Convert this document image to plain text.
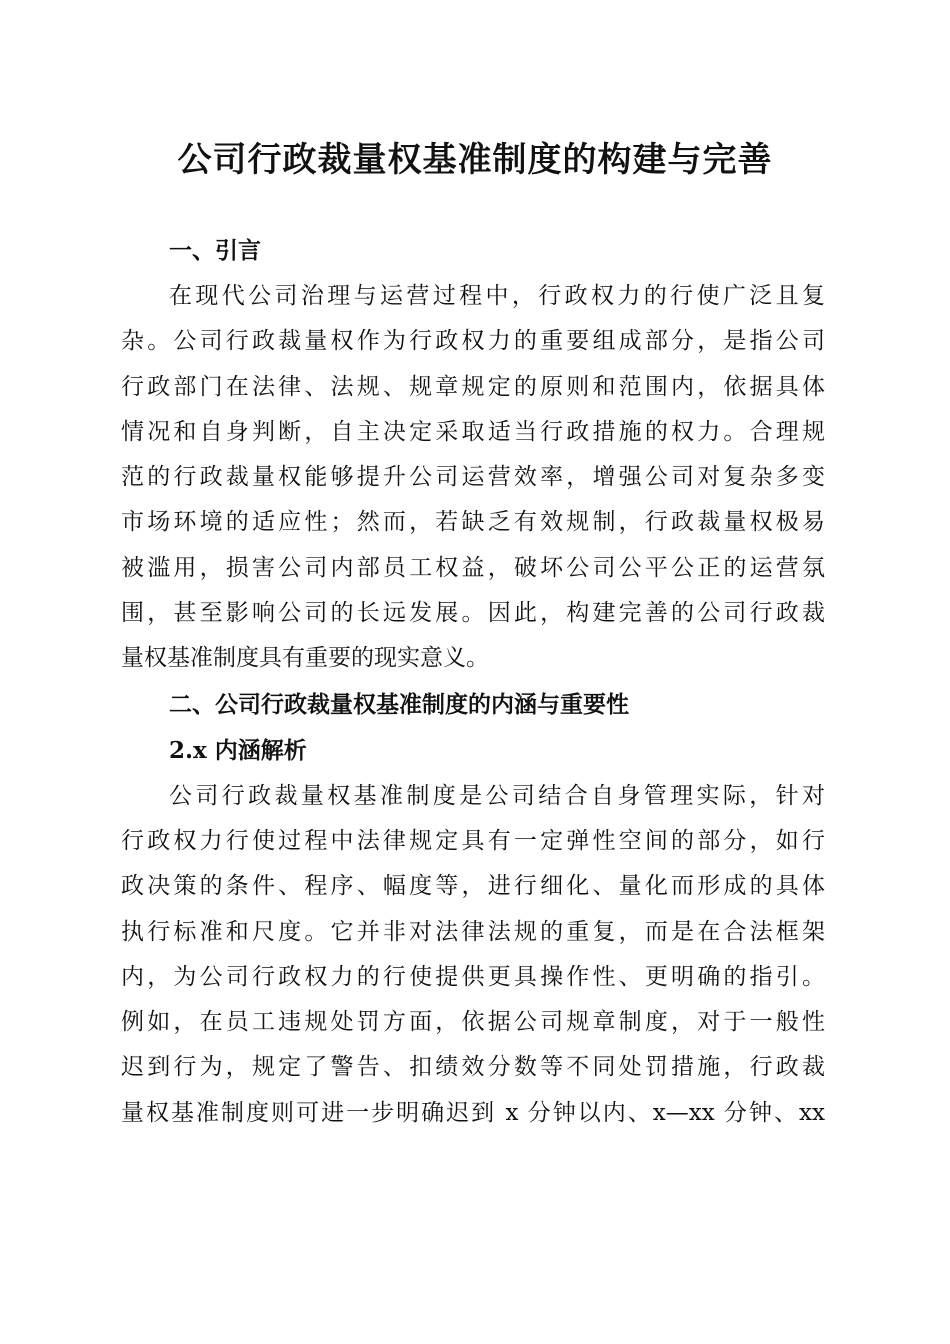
公司行政裁量权基准制度的构建与完善
一、引言
在现代公司治理与运营过程中，行政权力的行使广泛且复
杂。公司行政裁量权作为行政权力的重要组成部分，是指公司
行政部门在法律、法规、规章规定的原则和范围内，依据具体
情况和自身判断，自主决定采取适当行政措施的权力。合理规
范的行政裁量权能够提升公司运营效率，增强公司对复杂多变
市场环境的适应性；然而，若缺乏有效规制，行政裁量权极易
被滥用，损害公司内部员工权益，破坏公司公平公正的运营氛
围，甚至影响公司的长远发展。因此，构建完善的公司行政裁
量权基准制度具有重要的现实意义。
二、公司行政裁量权基准制度的内涵与重要性
2.x 内涵解析
公司行政裁量权基准制度是公司结合自身管理实际，针对
行政权力行使过程中法律规定具有一定弹性空间的部分，如行
政决策的条件、程序、幅度等，进行细化、量化而形成的具体
执行标准和尺度。它并非对法律法规的重复，而是在合法框架
内，为公司行政权力的行使提供更具操作性、更明确的指引。
例如，在员工违规处罚方面，依据公司规章制度，对于一般性
迟到行为，规定了警告、扣绩效分数等不同处罚措施，行政裁
量权基准制度则可进一步明确迟到 x 分钟以内、x—xx 分钟、xx
